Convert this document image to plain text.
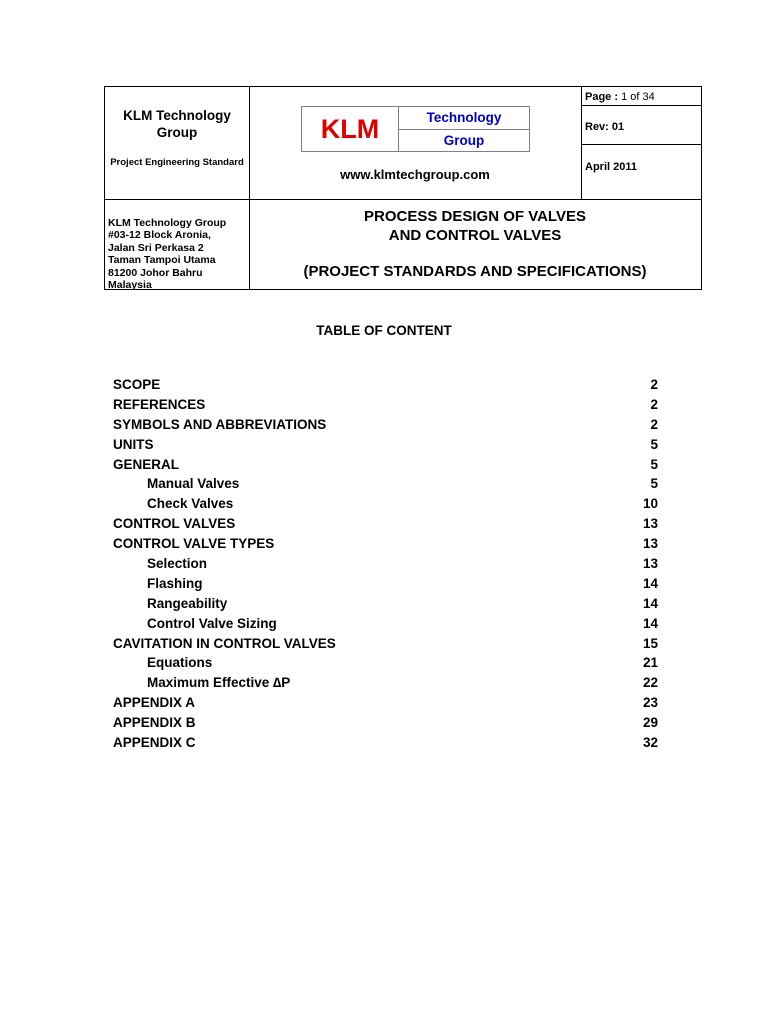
KLM Technology Group
Project Engineering Standard
KLM	Technology
Group
www.klmtechgroup.com
Page : 1 of 34
Rev: 01
April 2011
KLM Technology Group
#03-12 Block Aronia,
Jalan Sri Perkasa 2
Taman Tampoi Utama
81200 Johor Bahru
Malaysia
PROCESS DESIGN OF VALVES
AND CONTROL VALVES
(PROJECT STANDARDS AND SPECIFICATIONS)
TABLE OF CONTENT
SCOPE	2
REFERENCES	2
SYMBOLS AND ABBREVIATIONS	2
UNITS	5
GENERAL	5
Manual Valves	5
Check Valves	10
CONTROL VALVES	13
CONTROL VALVE TYPES	13
Selection	13
Flashing	14
Rangeability	14
Control Valve Sizing	14
CAVITATION IN CONTROL VALVES	15
Equations	21
Maximum Effective ∆P	22
APPENDIX A	23
APPENDIX B	29
APPENDIX C	32
